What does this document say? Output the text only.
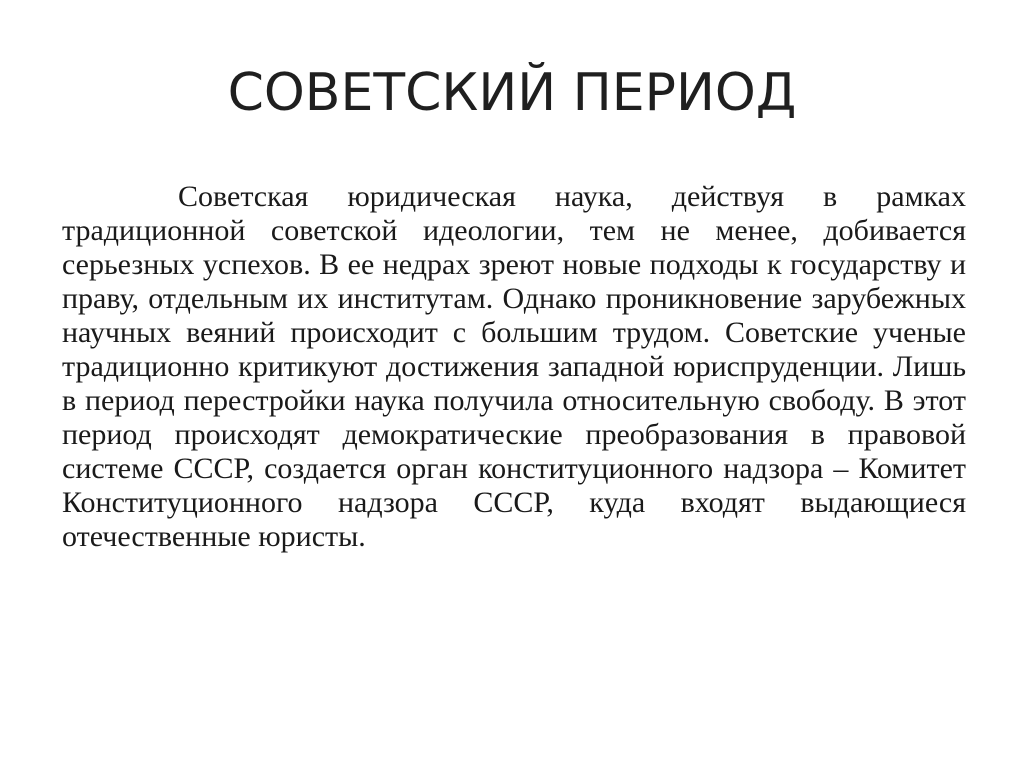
СОВЕТСКИЙ ПЕРИОД

Советская юридическая наука, действуя в рамках традиционной советской идеологии, тем не менее, добивается серьезных успехов. В ее недрах зреют новые подходы к государству и праву, отдельным их институтам. Однако проникновение зарубежных научных веяний происходит с большим трудом. Советские ученые традиционно критикуют достижения западной юриспруденции. Лишь в период перестройки наука получила относительную свободу. В этот период происходят демократические преобразования в правовой системе СССР, создается орган конституционного надзора – Комитет Конституционного надзора СССР, куда входят выдающиеся отечественные юристы.
